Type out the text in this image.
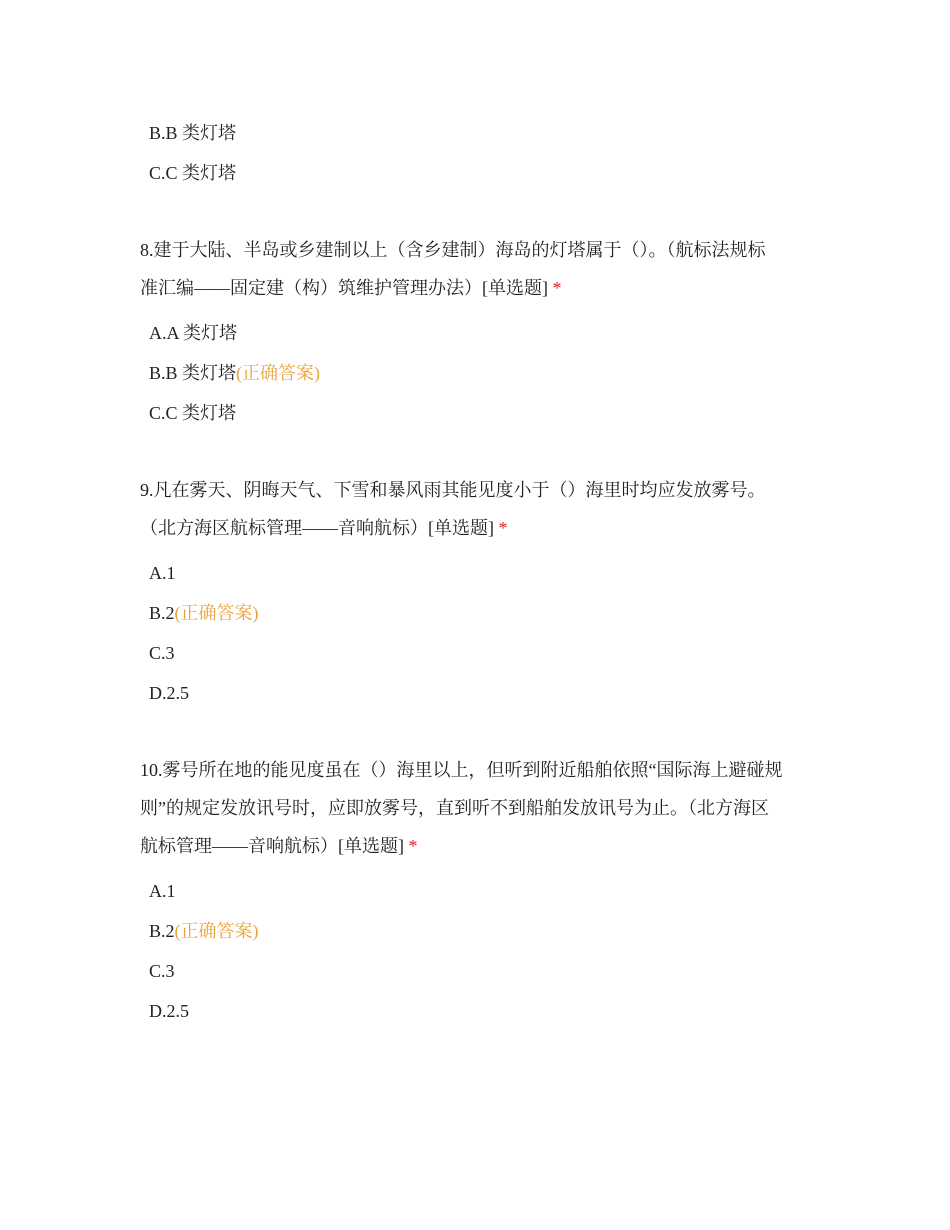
B.B 类灯塔
C.C 类灯塔
8.建于大陆、半岛或乡建制以上（含乡建制）海岛的灯塔属于（）。（航标法规标
准汇编——固定建（构）筑维护管理办法）[单选题] *
A.A 类灯塔
B.B 类灯塔(正确答案)
C.C 类灯塔
9.凡在雾天、阴晦天气、下雪和暴风雨其能见度小于（）海里时均应发放雾号。
（北方海区航标管理——音响航标）[单选题] *
A.1
B.2(正确答案)
C.3
D.2.5
10.雾号所在地的能见度虽在（）海里以上，但听到附近船舶依照“国际海上避碰规
则”的规定发放讯号时，应即放雾号，直到听不到船舶发放讯号为止。（北方海区
航标管理——音响航标）[单选题] *
A.1
B.2(正确答案)
C.3
D.2.5
